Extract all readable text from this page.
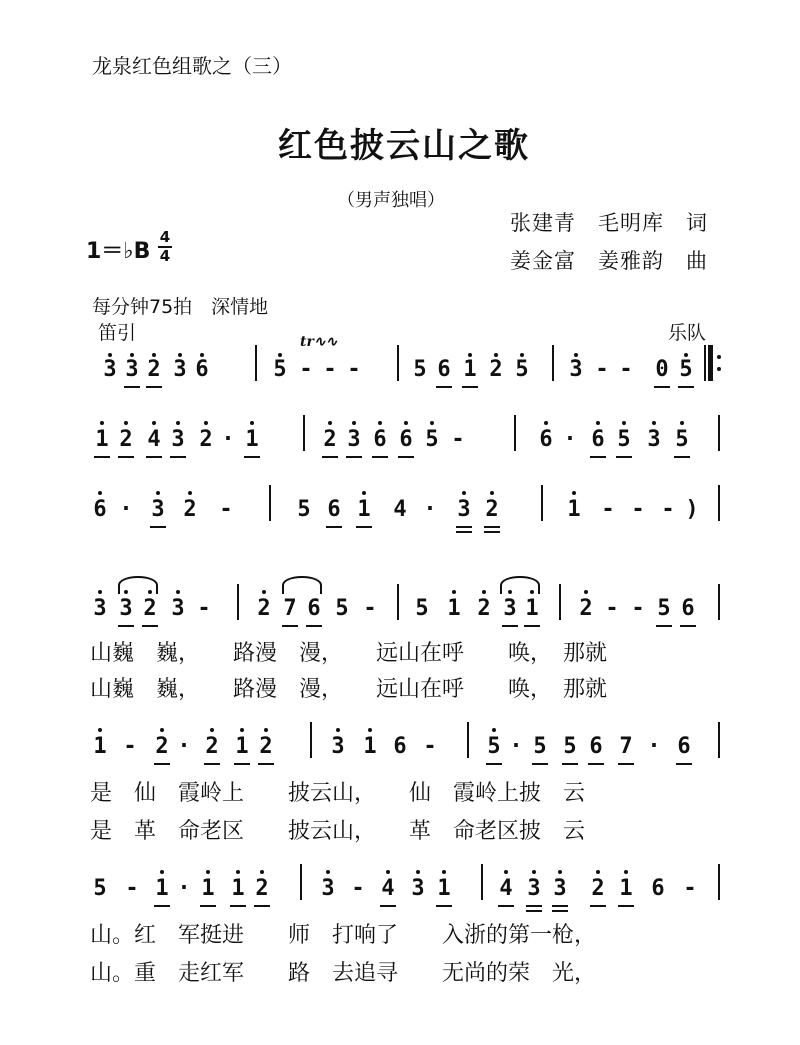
龙泉红色组歌之（三）
红色披云山之歌
（男声独唱）
张建青　毛明库　词
姜金富　姜雅韵　曲
1＝♭B
4
4
每分钟75拍　深情地
笛引	乐队
tr∿∿
3 3 2 3 6	5 - - - 5 6 1 2 5 3 - - 0 5
1 2 4 3 2 · 1	2 3 6 6 5 -	6 · 6 5 3 5
6 · 3 2 -	5 6 1 4 · 3 2	1 - - - )
3 3 2 3 - 2 7 6 5 - 5 1 2 3 1 2 - - 5 6
山巍　巍，　　路漫　漫，　　远山在呼　　唤，　那就
山巍　巍，　　路漫　漫，　　远山在呼　　唤，　那就
1 - 2 · 2 1 2	3 1 6 - 5 · 5 5 6 7 · 6
是　仙　霞岭上　　披云山，　　仙　霞岭上披　云
是　革　命老区　　披云山，　　革　命老区披　云
5 - 1 · 1 1 2 3 - 4 3 1 4 3 3 2 1 6 -
山。红　军挺进　　师　打响了　　入浙的第一枪，
山。重　走红军　　路　去追寻　　无尚的荣　光，
